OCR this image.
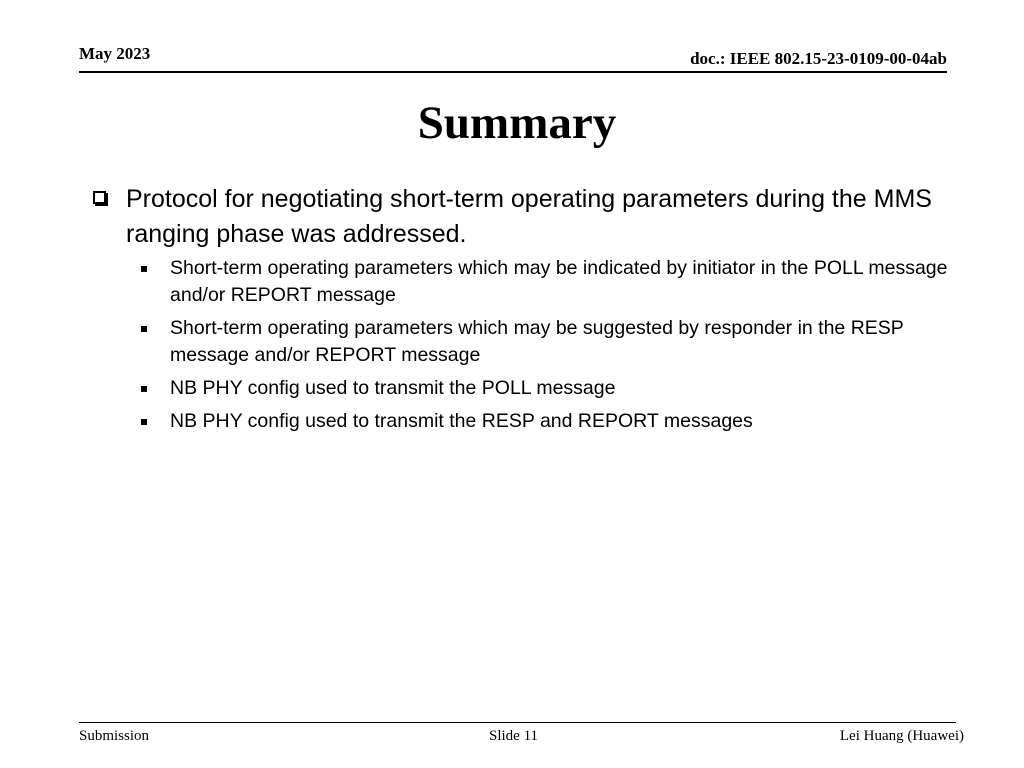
May 2023	doc.: IEEE 802.15-23-0109-00-04ab
Summary
Protocol for negotiating short-term operating parameters during the MMS ranging phase was addressed.
Short-term operating parameters which may be indicated by initiator in the POLL message and/or REPORT message
Short-term operating parameters which may be suggested by responder in the RESP message and/or REPORT message
NB PHY config used to transmit the POLL message
NB PHY config used to transmit the RESP and REPORT messages
Submission	Slide 11	Lei Huang (Huawei)
